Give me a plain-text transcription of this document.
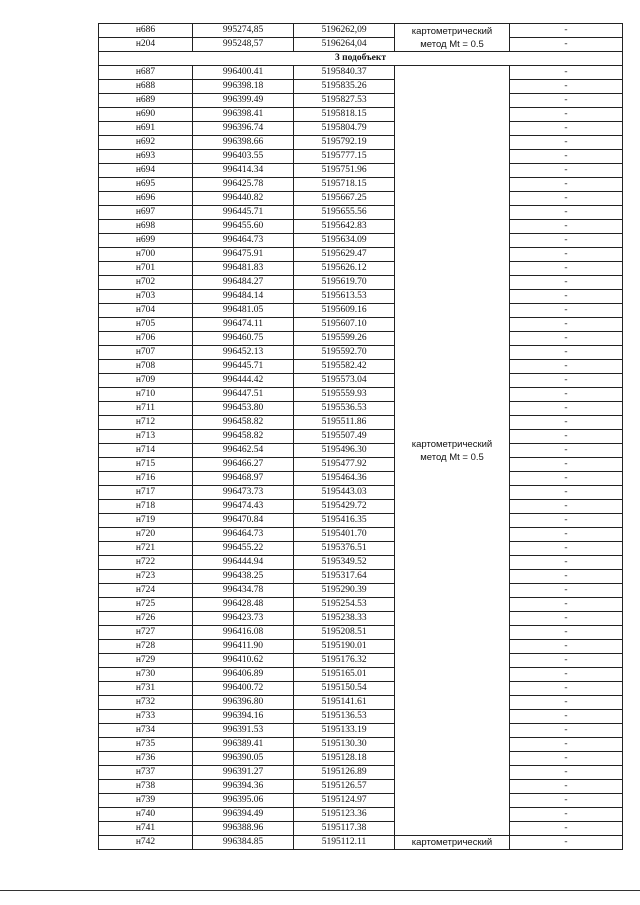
н686	995274,85	5196262,09	картометрический
метод Mt = 0.5	-
н204	995248,57	5196264,04		-
3 подобъект				
н687	996400.41	5195840.37	картометрический
метод Mt = 0.5	-
н688	996398.18	5195835.26		-
н689	996399.49	5195827.53		-
н690	996398.41	5195818.15		-
н691	996396.74	5195804.79		-
н692	996398.66	5195792.19		-
н693	996403.55	5195777.15		-
н694	996414.34	5195751.96		-
н695	996425.78	5195718.15		-
н696	996440.82	5195667.25		-
н697	996445.71	5195655.56		-
н698	996455.60	5195642.83		-
н699	996464.73	5195634.09		-
н700	996475.91	5195629.47		-
н701	996481.83	5195626.12		-
н702	996484.27	5195619.70		-
н703	996484.14	5195613.53		-
н704	996481.05	5195609.16		-
н705	996474.11	5195607.10		-
н706	996460.75	5195599.26		-
н707	996452.13	5195592.70		-
н708	996445.71	5195582.42		-
н709	996444.42	5195573.04		-
н710	996447.51	5195559.93		-
н711	996453.80	5195536.53		-
н712	996458.82	5195511.86		-
н713	996458.82	5195507.49		-
н714	996462.54	5195496.30		-
н715	996466.27	5195477.92		-
н716	996468.97	5195464.36		-
н717	996473.73	5195443.03		-
н718	996474.43	5195429.72		-
н719	996470.84	5195416.35		-
н720	996464.73	5195401.70		-
н721	996455.22	5195376.51		-
н722	996444.94	5195349.52		-
н723	996438.25	5195317.64		-
н724	996434.78	5195290.39		-
н725	996428.48	5195254.53		-
н726	996423.73	5195238.33		-
н727	996416.08	5195208.51		-
н728	996411.90	5195190.01		-
н729	996410.62	5195176.32		-
н730	996406.89	5195165.01		-
н731	996400.72	5195150.54		-
н732	996396.80	5195141.61		-
н733	996394.16	5195136.53		-
н734	996391.53	5195133.19		-
н735	996389.41	5195130.30		-
н736	996390.05	5195128.18		-
н737	996391.27	5195126.89		-
н738	996394.36	5195126.57		-
н739	996395.06	5195124.97		-
н740	996394.49	5195123.36		-
н741	996388.96	5195117.38		-
н742	996384.85	5195112.11	картометрический	-
